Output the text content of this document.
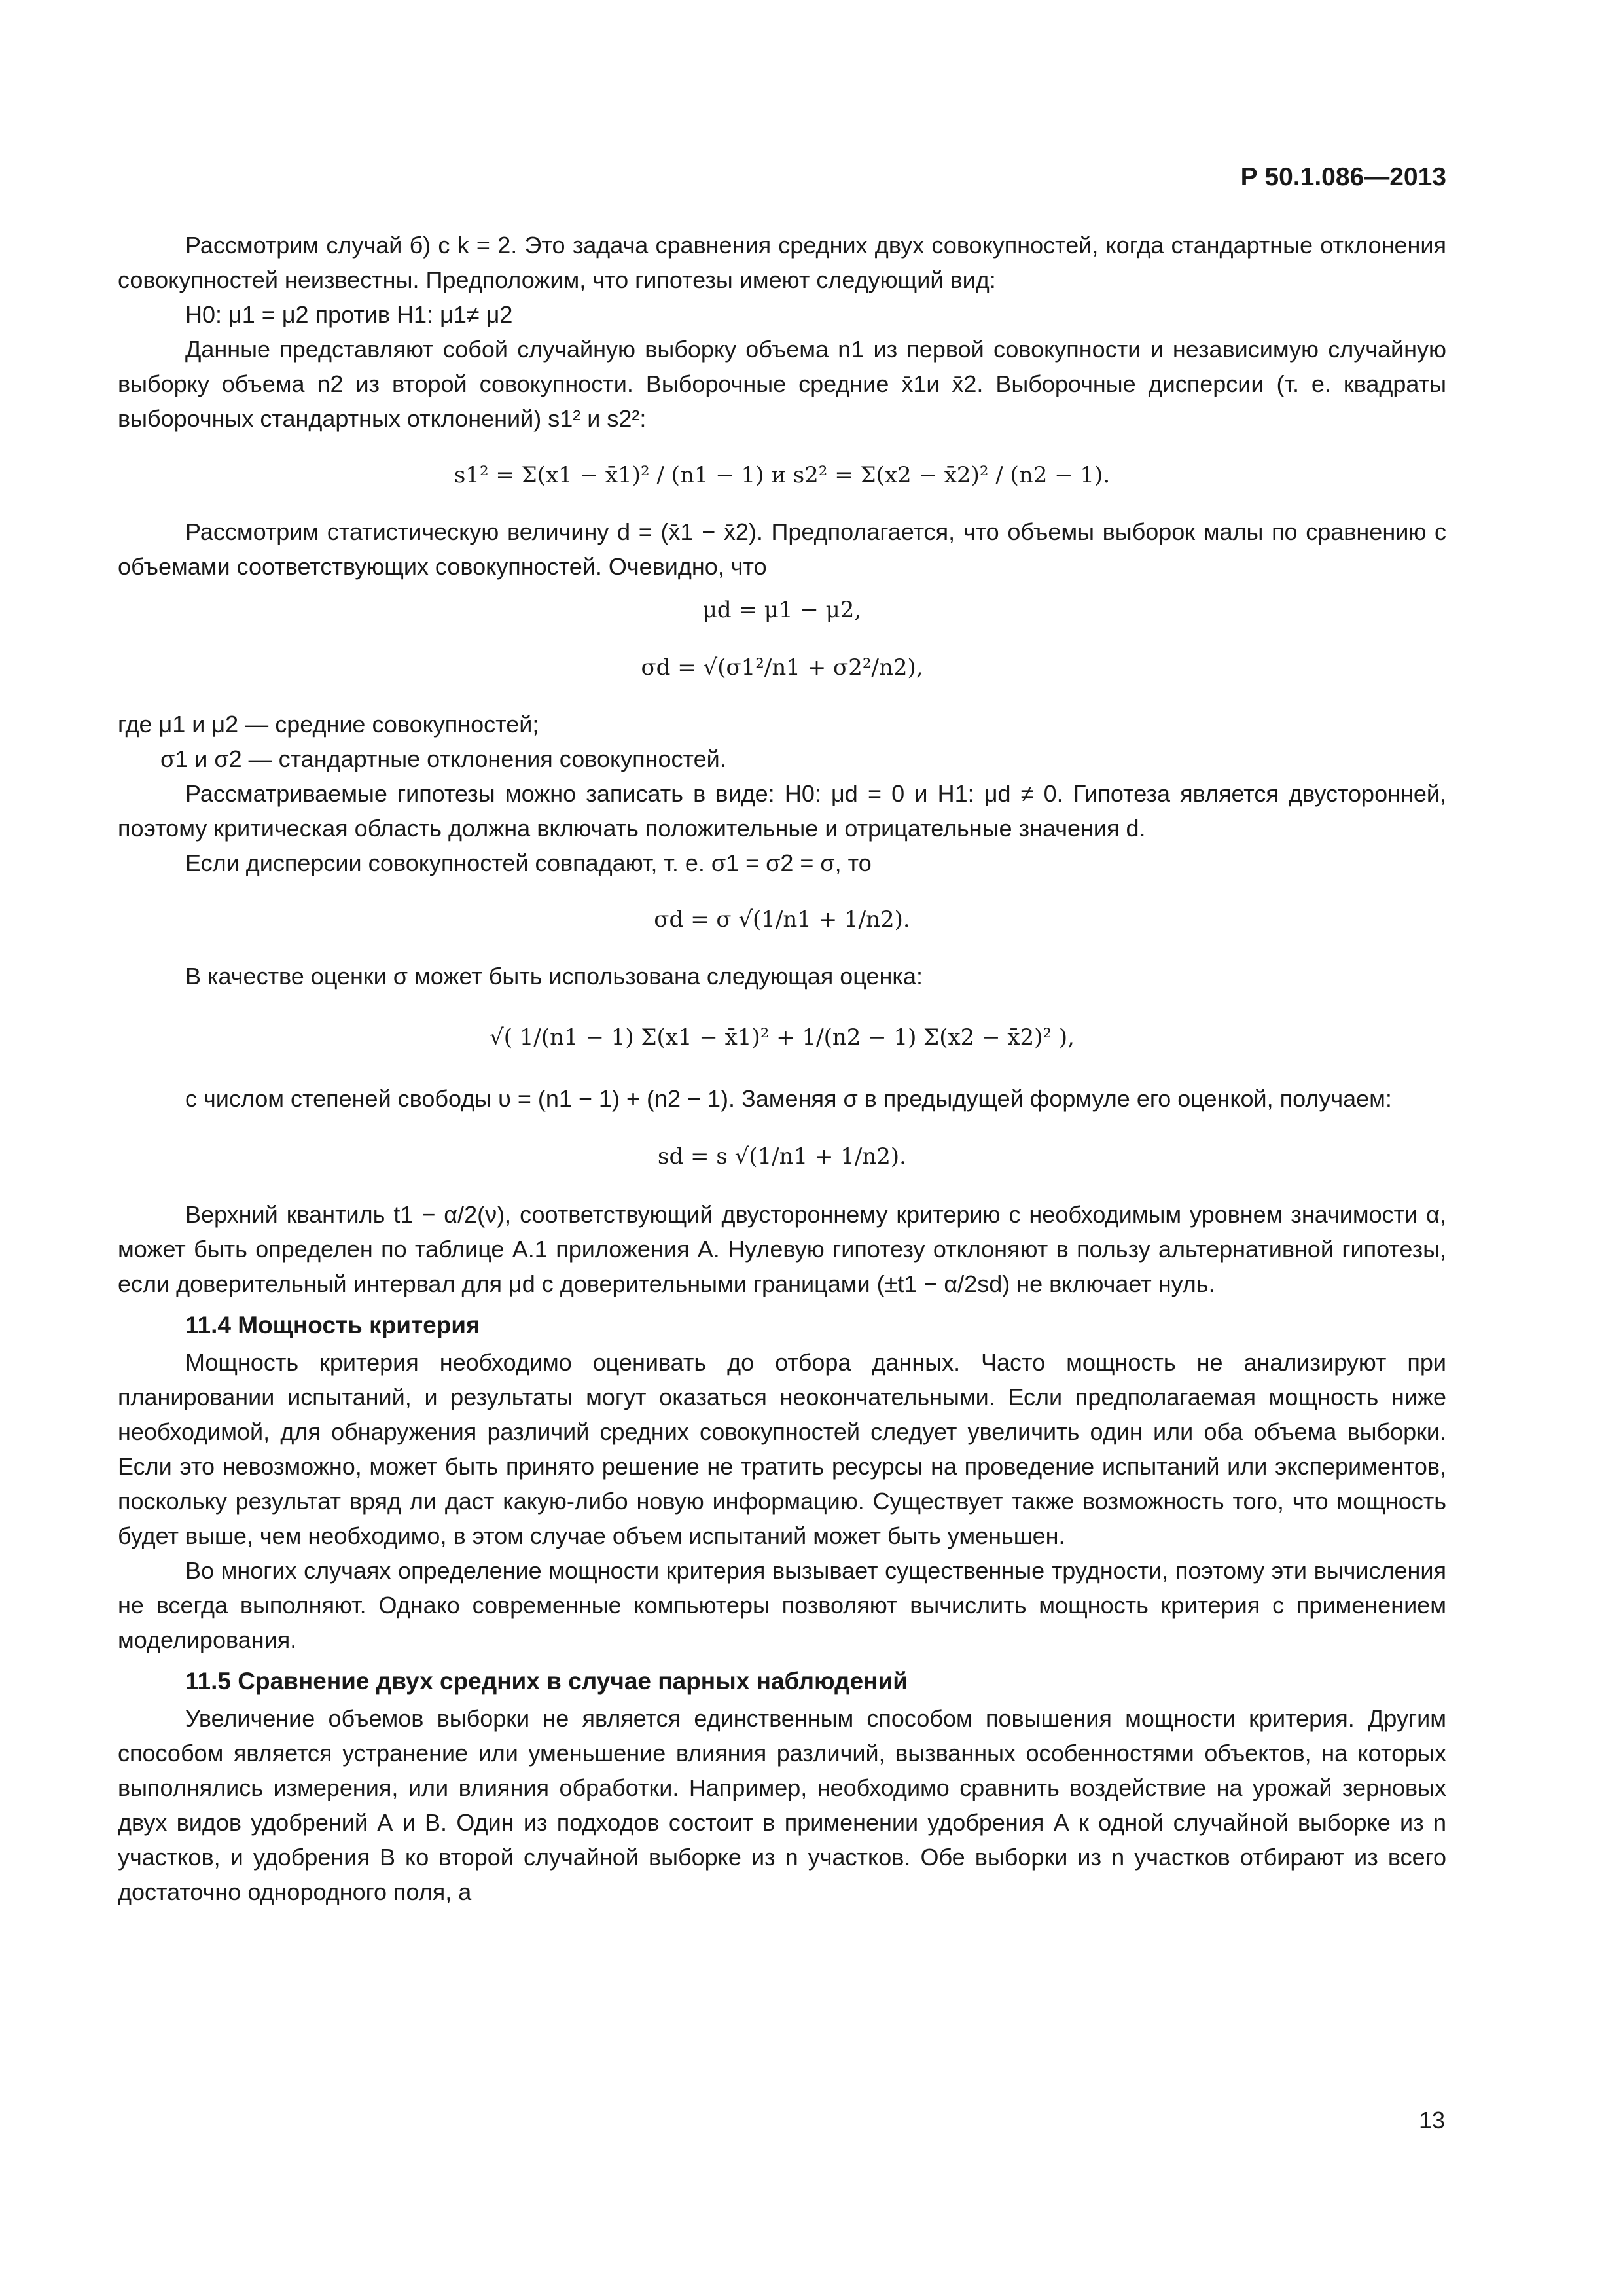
Р 50.1.086—2013

Рассмотрим случай б) с k = 2. Это задача сравнения средних двух совокупностей, когда стандартные отклонения совокупностей неизвестны. Предположим, что гипотезы имеют следующий вид:

H0: μ1 = μ2 против H1: μ1≠ μ2

Данные представляют собой случайную выборку объема n1 из первой совокупности и независимую случайную выборку объема n2 из второй совокупности. Выборочные средние x̄1и x̄2. Выборочные дисперсии (т. е. квадраты выборочных стандартных отклонений) s1² и s2²:

s1² = Σ(x1 − x̄1)² / (n1 − 1) и s2² = Σ(x2 − x̄2)² / (n2 − 1).

Рассмотрим статистическую величину d = (x̄1 − x̄2). Предполагается, что объемы выборок малы по сравнению с объемами соответствующих совокупностей. Очевидно, что

μd = μ1 − μ2,
σd = √(σ1²/n1 + σ2²/n2),

где μ1 и μ2 — средние совокупностей;

σ1 и σ2 — стандартные отклонения совокупностей.

Рассматриваемые гипотезы можно записать в виде: H0: μd = 0 и H1: μd ≠ 0. Гипотеза является двусторонней, поэтому критическая область должна включать положительные и отрицательные значения d.

Если дисперсии совокупностей совпадают, т. е. σ1 = σ2 = σ, то

σd = σ √(1/n1 + 1/n2).

В качестве оценки σ может быть использована следующая оценка:

√( 1/(n1 − 1) Σ(x1 − x̄1)² + 1/(n2 − 1) Σ(x2 − x̄2)² ),

с числом степеней свободы υ = (n1 − 1) + (n2 − 1). Заменяя σ в предыдущей формуле его оценкой, получаем:

sd = s √(1/n1 + 1/n2).

Верхний квантиль t1 − α/2(ν), соответствующий двустороннему критерию с необходимым уровнем значимости α, может быть определен по таблице А.1 приложения А. Нулевую гипотезу отклоняют в пользу альтернативной гипотезы, если доверительный интервал для μd с доверительными границами (±t1 − α/2sd) не включает нуль.

11.4 Мощность критерия

Мощность критерия необходимо оценивать до отбора данных. Часто мощность не анализируют при планировании испытаний, и результаты могут оказаться неокончательными. Если предполагаемая мощность ниже необходимой, для обнаружения различий средних совокупностей следует увеличить один или оба объема выборки. Если это невозможно, может быть принято решение не тратить ресурсы на проведение испытаний или экспериментов, поскольку результат вряд ли даст какую-либо новую информацию. Существует также возможность того, что мощность будет выше, чем необходимо, в этом случае объем испытаний может быть уменьшен.

Во многих случаях определение мощности критерия вызывает существенные трудности, поэтому эти вычисления не всегда выполняют. Однако современные компьютеры позволяют вычислить мощность критерия с применением моделирования.

11.5 Сравнение двух средних в случае парных наблюдений

Увеличение объемов выборки не является единственным способом повышения мощности критерия. Другим способом является устранение или уменьшение влияния различий, вызванных особенностями объектов, на которых выполнялись измерения, или влияния обработки. Например, необходимо сравнить воздействие на урожай зерновых двух видов удобрений А и В. Один из подходов состоит в применении удобрения А к одной случайной выборке из n участков, и удобрения В ко второй случайной выборке из n участков. Обе выборки из n участков отбирают из всего достаточно однородного поля, а

13
